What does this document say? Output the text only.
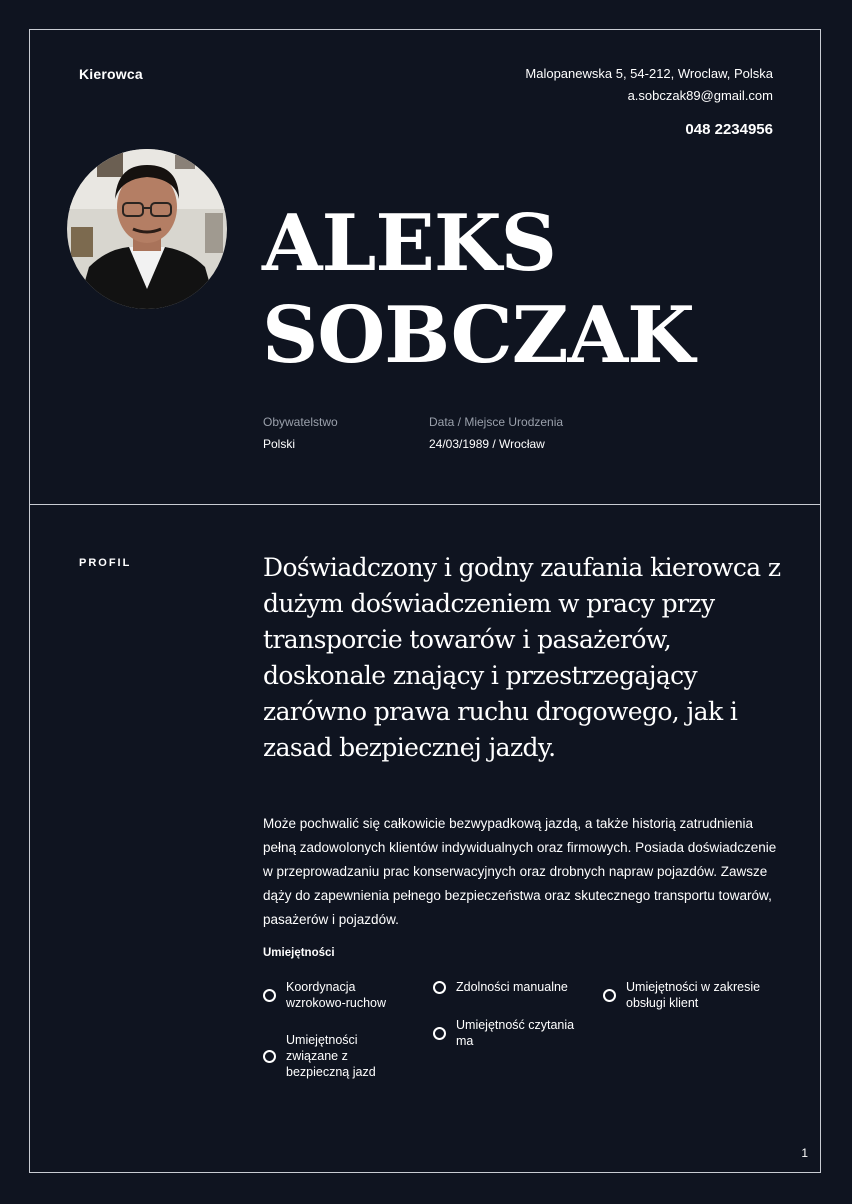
Kierowca	Malopanewska 5, 54-212, Wroclaw, Polska
a.sobczak89@gmail.com
048 2234956
ALEKS
SOBCZAK
Obywatelstwo
Polski
Data / Miejsce Urodzenia
24/03/1989 / Wrocław
PROFIL	Doświadczony i godny zaufania kierowca z dużym doświadczeniem w pracy przy transporcie towarów i pasażerów, doskonale znający i przestrzegający zarówno prawa ruchu drogowego, jak i zasad bezpiecznej jazdy.

Może pochwalić się całkowicie bezwypadkową jazdą, a także historią zatrudnienia pełną zadowolonych klientów indywidualnych oraz firmowych. Posiada doświadczenie w przeprowadzaniu prac konserwacyjnych oraz drobnych napraw pojazdów. Zawsze dąży do zapewnienia pełnego bezpieczeństwa oraz skutecznego transportu towarów, pasażerów i pojazdów.

Umiejętności
Koordynacja wzrokowo-ruchow
Zdolności manualne	Umiejętności w zakresie obsługi klient
Umiejętności związane z bezpieczną jazd
Umiejętność czytania ma
1
